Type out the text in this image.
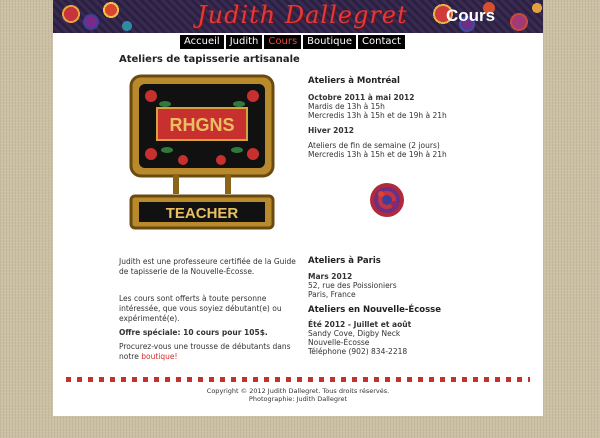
Judith Dallegret Cours
Accueil	Judith	Cours	Boutique	Contact
Ateliers de tapisserie artisanale
RHGNS
TEACHER
Judith est une professeure certifiée de la Guide
de tapisserie de la Nouvelle-Écosse.
Les cours sont offerts à toute personne
intéressée, que vous soyiez débutant(e) ou
expérimenté(e).
Offre spéciale: 10 cours pour 105$.
Procurez-vous une trousse de débutants dans
notre boutique!
Ateliers à Montréal
Octobre 2011 à mai 2012
Mardis de 13h à 15h
Mercredis 13h à 15h et de 19h à 21h
Hiver 2012
Ateliers de fin de semaine (2 jours)
Mercredis 13h à 15h et de 19h à 21h
Ateliers à Paris
Mars 2012
52, rue des Poissioniers
Paris, France
Ateliers en Nouvelle-Écosse
Été 2012 - Juillet et août
Sandy Cove, Digby Neck
Nouvelle-Écosse
Téléphone (902) 834-2218
Copyright © 2012 Judith Dallegret. Tous droits réservés.
Photographie: Judith Dallegret
